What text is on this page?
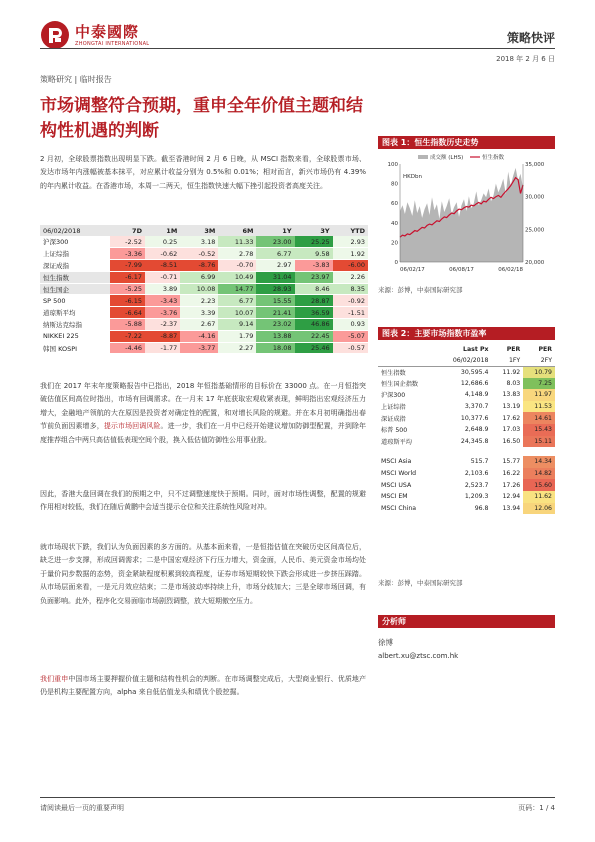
中泰國際
ZHONGTAI INTERNATIONAL	策略快评
2018 年 2 月 6 日
策略研究 | 临时报告
市场调整符合预期，重申全年价值主题和结构性机遇的判断
2 月初，全球股票指数出现明显下跌。截至香港时间 2 月 6 日晚，从 MSCI 指数来看，全球股票市场、发达市场年内涨幅被基本抹平，对应累计收益分别为 0.5%和 0.01%；相对而言，新兴市场仍有 4.39%的年内累计收益。在香港市场，本周一二两天，恒生指数快速大幅下挫引起投资者高度关注。
06/02/2018	7D	1M	3M	6M	1Y	3Y	YTD
沪深300	-2.52	0.25	3.18	11.33	23.00	25.25	2.93
上证综指	-3.36	-0.62	-0.52	2.78	6.77	9.58	1.92
深证成指	-7.99	-8.51	-8.76	-0.70	2.97	-3.83	-6.00
恒生指数	-6.17	-0.71	6.99	10.49	31.04	23.97	2.26
恒生国企	-5.25	3.89	10.08	14.77	28.93	8.46	8.35
SP 500	-6.15	-3.43	2.23	6.77	15.55	28.87	-0.92
道琼斯平均	-6.64	-3.76	3.39	10.07	21.41	36.59	-1.51
纳斯达克综指	-5.88	-2.37	2.67	9.14	23.02	46.86	0.93
NIKKEI 225	-7.22	-8.87	-4.16	1.79	13.88	22.45	-5.07
韩国 KOSPI	-4.46	-1.77	-3.77	2.27	18.08	25.46	-0.57
我们在 2017 年末年度策略报告中已指出，2018 年恒指基础情形的目标价在 33000 点。在一月恒指突破估值区间高位时指出，市场有回调需求。在一月末 17 年底获取宏观收紧表现，鲜明指出宏观经济压力增大，金融地产领航的大在原因是投资者对确定性的配置，和对增长风险的规避。并在本月初明确指出春节前负面因素增多，提示市场回调风险。进一步，我们在一月中已经开始建议增加防御型配置，并到除年度推荐组合中两只高估值低表现空间个股，换入低估值防御性公用事业股。
因此，香港大盘回调在我们的预期之中，只不过调整速度快于预期。同时，面对市场性调整，配置的规避作用相对较低，我们在随后黄鹏中会适当提示仓位和关注系统性风险对冲。
就市场现状下跌，我们认为负面因素的多方面的。从基本面来看，一是恒指估值在突破历史区间高位后，缺乏进一步支撑，形成回调需求；二是中国宏观经济下行压力增大，资金面，人民币、美元资金市场均处于量价同步数据的态势，资金紧缺程度积累到较高程度，证券市场短期较快下跌会形成进一步挤压踩踏。从市场层面来看，一是元月效应结束；二是市场波动率持续上升，市场分歧加大；三是全球市场回调，有负面影响。此外，程序化交易面临市场剧烈调整，放大短期傲空压力。
我们重申中国市场主要押握价值主题和结构性机会的判断。在市场调整完成后，大型商业银行、优质地产仍是机构主要配置方向，alpha 来自低估值龙头和绩优个股挖掘。
图表 1：恒生指数历史走势
100
80
60
40
20
0
35,000
30,000
25,000
20,000
06/02/17	06/08/17	06/02/18
HKDbn
成交额 (LHS)	恒生指数
来源：彭博，中泰国际研究部
图表 2：主要市场指数市盈率
	Last Px	PER	PER
	06/02/2018	1FY	2FY
恒生指数	30,595.4	11.92	10.79
恒生国企指数	12,686.6	8.03	7.25
沪深300	4,148.9	13.83	11.97
上证综指	3,370.7	13.19	11.53
深证成指	10,377.6	17.62	14.61
标普 500	2,648.9	17.03	15.43
道琼斯平均	24,345.8	16.50	15.11

MSCI Asia	515.7	15.77	14.34
MSCI World	2,103.6	16.22	14.82
MSCI USA	2,523.7	17.26	15.60
MSCI EM	1,209.3	12.94	11.62
MSCI China	96.8	13.94	12.06
来源：彭博，中泰国际研究部
分析师
徐博
albert.xu@ztsc.com.hk
请阅读最后一页的重要声明	页码：1 / 4
